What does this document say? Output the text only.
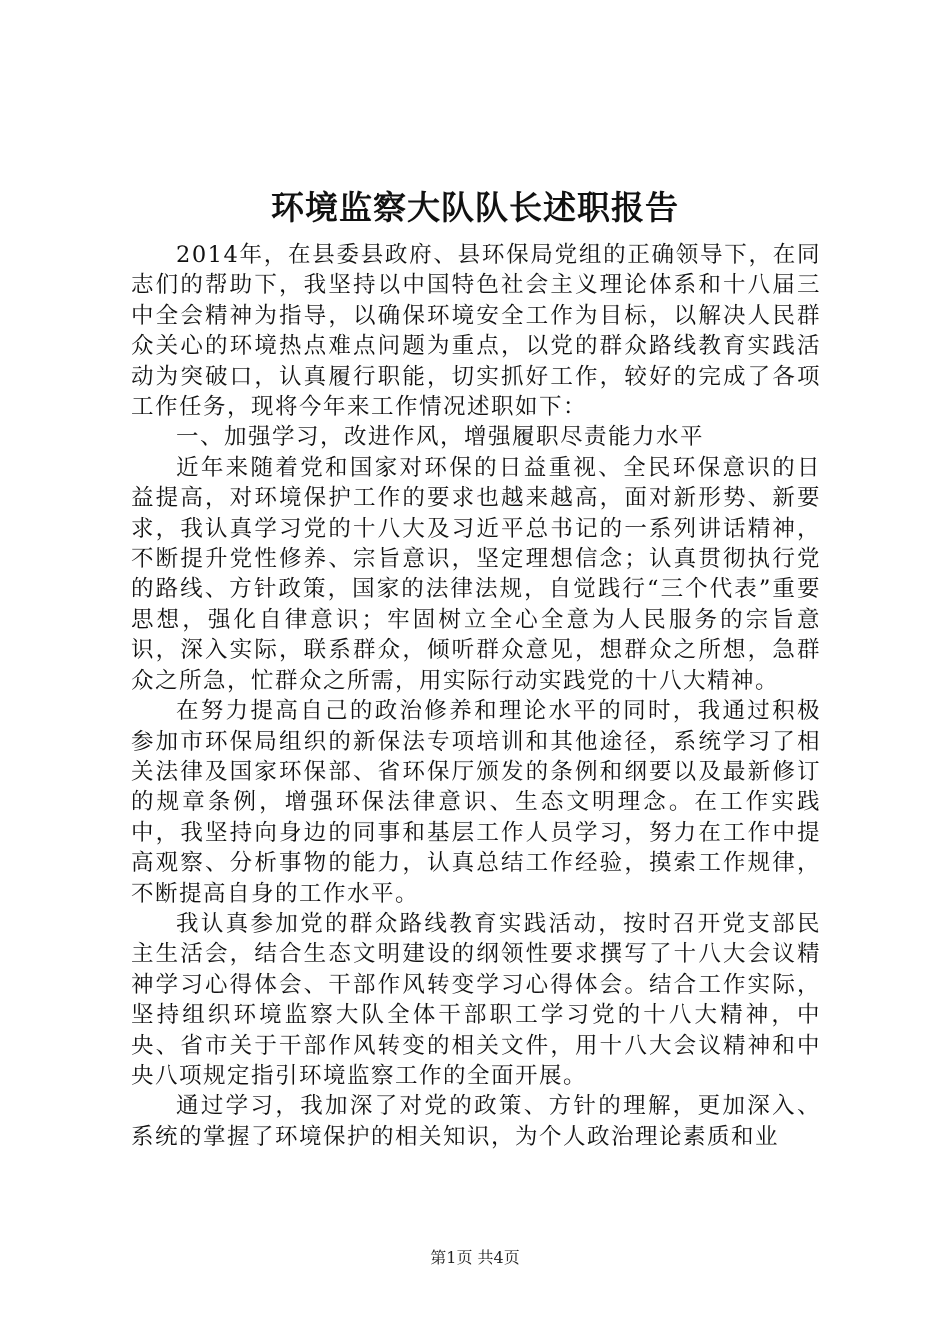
环境监察大队队长述职报告

2014年，在县委县政府、县环保局党组的正确领导下，在同志们的帮助下，我坚持以中国特色社会主义理论体系和十八届三中全会精神为指导，以确保环境安全工作为目标，以解决人民群众关心的环境热点难点问题为重点，以党的群众路线教育实践活动为突破口，认真履行职能，切实抓好工作，较好的完成了各项工作任务，现将今年来工作情况述职如下：

一、加强学习，改进作风，增强履职尽责能力水平

近年来随着党和国家对环保的日益重视、全民环保意识的日益提高，对环境保护工作的要求也越来越高，面对新形势、新要求，我认真学习党的十八大及习近平总书记的一系列讲话精神，不断提升党性修养、宗旨意识，坚定理想信念；认真贯彻执行党的路线、方针政策，国家的法律法规，自觉践行“三个代表”重要思想，强化自律意识；牢固树立全心全意为人民服务的宗旨意识，深入实际，联系群众，倾听群众意见，想群众之所想，急群众之所急，忙群众之所需，用实际行动实践党的十八大精神。

在努力提高自己的政治修养和理论水平的同时，我通过积极参加市环保局组织的新保法专项培训和其他途径，系统学习了相关法律及国家环保部、省环保厅颁发的条例和纲要以及最新修订的规章条例，增强环保法律意识、生态文明理念。在工作实践中，我坚持向身边的同事和基层工作人员学习，努力在工作中提高观察、分析事物的能力，认真总结工作经验，摸索工作规律，不断提高自身的工作水平。

我认真参加党的群众路线教育实践活动，按时召开党支部民主生活会，结合生态文明建设的纲领性要求撰写了十八大会议精神学习心得体会、干部作风转变学习心得体会。结合工作实际，坚持组织环境监察大队全体干部职工学习党的十八大精神，中央、省市关于干部作风转变的相关文件，用十八大会议精神和中央八项规定指引环境监察工作的全面开展。

通过学习，我加深了对党的政策、方针的理解，更加深入、系统的掌握了环境保护的相关知识，为个人政治理论素质和业

第1页 共4页
